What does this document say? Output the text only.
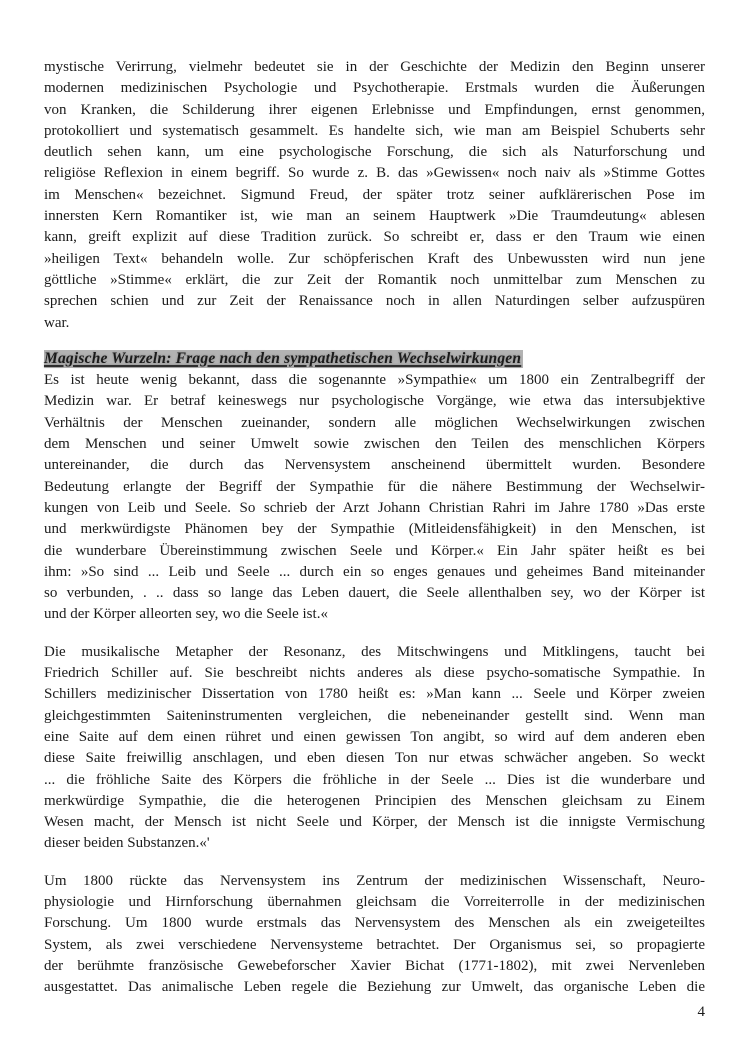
mystische Verirrung, vielmehr bedeutet sie in der Geschichte der Medizin den Beginn unserer
modernen medizinischen Psychologie und Psychotherapie. Erstmals wurden die Äußerungen
von Kranken, die Schilderung ihrer eigenen Erlebnisse und Empfindungen, ernst genommen,
protokolliert und systematisch gesammelt. Es handelte sich, wie man am Beispiel Schuberts sehr
deutlich sehen kann, um eine psychologische Forschung, die sich als Naturforschung und
religiöse Reflexion in einem begriff. So wurde z. B. das »Gewissen« noch naiv als »Stimme Gottes
im Menschen« bezeichnet. Sigmund Freud, der später trotz seiner aufklärerischen Pose im
innersten Kern Romantiker ist, wie man an seinem Hauptwerk »Die Traumdeutung« ablesen
kann, greift explizit auf diese Tradition zurück. So schreibt er, dass er den Traum wie einen
»heiligen Text« behandeln wolle. Zur schöpferischen Kraft des Unbewussten wird nun jene
göttliche »Stimme« erklärt, die zur Zeit der Romantik noch unmittelbar zum Menschen zu
sprechen schien und zur Zeit der Renaissance noch in allen Naturdingen selber aufzuspüren
war.
Magische Wurzeln: Frage nach den sympathetischen Wechselwirkungen
Es ist heute wenig bekannt, dass die sogenannte »Sympathie« um 1800 ein Zentralbegriff der
Medizin war. Er betraf keineswegs nur psychologische Vorgänge, wie etwa das intersubjektive
Verhältnis der Menschen zueinander, sondern alle möglichen Wechselwirkungen zwischen
dem Menschen und seiner Umwelt sowie zwischen den Teilen des menschlichen Körpers
untereinander, die durch das Nervensystem anscheinend übermittelt wurden. Besondere
Bedeutung erlangte der Begriff der Sympathie für die nähere Bestimmung der Wechselwir-
kungen von Leib und Seele. So schrieb der Arzt Johann Christian Rahri im Jahre 1780 »Das erste
und merkwürdigste Phänomen bey der Sympathie (Mitleidensfähigkeit) in den Menschen, ist
die wunderbare Übereinstimmung zwischen Seele und Körper.« Ein Jahr später heißt es bei
ihm: »So sind ... Leib und Seele ... durch ein so enges genaues und geheimes Band miteinander
so verbunden, . .. dass so lange das Leben dauert, die Seele allenthalben sey, wo der Körper ist
und der Körper alleorten sey, wo die Seele ist.«
Die musikalische Metapher der Resonanz, des Mitschwingens und Mitklingens, taucht bei
Friedrich Schiller auf. Sie beschreibt nichts anderes als diese psycho-somatische Sympathie. In
Schillers medizinischer Dissertation von 1780 heißt es: »Man kann ... Seele und Körper zweien
gleichgestimmten Saiteninstrumenten vergleichen, die nebeneinander gestellt sind. Wenn man
eine Saite auf dem einen rühret und einen gewissen Ton angibt, so wird auf dem anderen eben
diese Saite freiwillig anschlagen, und eben diesen Ton nur etwas schwächer angeben. So weckt
... die fröhliche Saite des Körpers die fröhliche in der Seele ... Dies ist die wunderbare und
merkwürdige Sympathie, die die heterogenen Principien des Menschen gleichsam zu Einem
Wesen macht, der Mensch ist nicht Seele und Körper, der Mensch ist die innigste Vermischung
dieser beiden Substanzen.«'
Um 1800 rückte das Nervensystem ins Zentrum der medizinischen Wissenschaft, Neuro-
physiologie und Hirnforschung übernahmen gleichsam die Vorreiterrolle in der medizinischen
Forschung. Um 1800 wurde erstmals das Nervensystem des Menschen als ein zweigeteiltes
System, als zwei verschiedene Nervensysteme betrachtet. Der Organismus sei, so propagierte
der berühmte französische Gewebeforscher Xavier Bichat (1771-1802), mit zwei Nervenleben
ausgestattet. Das animalische Leben regele die Beziehung zur Umwelt, das organische Leben die
4
